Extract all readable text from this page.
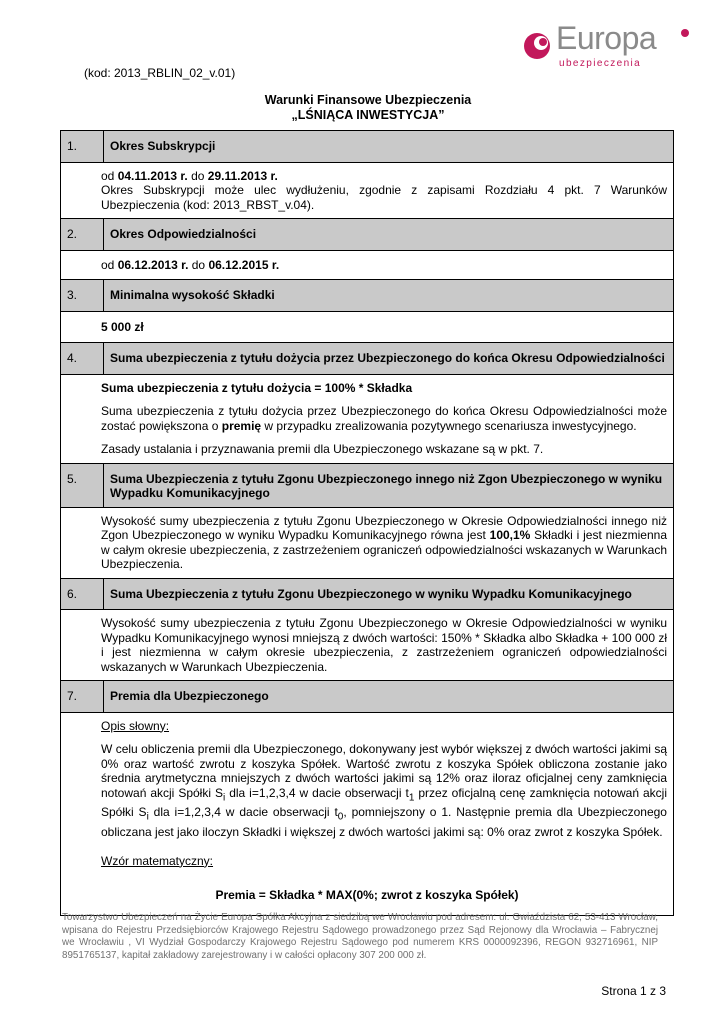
Europa
ubezpieczenia
(kod: 2013_RBLIN_02_v.01)
Warunki Finansowe Ubezpieczenia
„LŚNIĄCA INWESTYCJA”
1.	Okres Subskrypcji

od 04.11.2013 r. do 29.11.2013 r.

Okres Subskrypcji może ulec wydłużeniu, zgodnie z zapisami Rozdziału 4 pkt. 7 Warunków Ubezpieczenia (kod: 2013_RBST_v.04).	

2.	Okres Odpowiedzialności

od 06.12.2013 r. do 06.12.2015 r.	

3.	Minimalna wysokość Składki

5 000 zł	

4.	Suma ubezpieczenia z tytułu dożycia przez Ubezpieczonego do końca Okresu Odpowiedzialności

Suma ubezpieczenia z tytułu dożycia = 100% * Składka

Suma ubezpieczenia z tytułu dożycia przez Ubezpieczonego do końca Okresu Odpowiedzialności może zostać powiększona o premię w przypadku zrealizowania pozytywnego scenariusza inwestycyjnego.

Zasady ustalania i przyznawania premii dla Ubezpieczonego wskazane są w pkt. 7.	

5.	Suma Ubezpieczenia z tytułu Zgonu Ubezpieczonego innego niż Zgon Ubezpieczonego w wyniku Wypadku Komunikacyjnego

Wysokość sumy ubezpieczenia z tytułu Zgonu Ubezpieczonego w Okresie Odpowiedzialności innego niż Zgon Ubezpieczonego w wyniku Wypadku Komunikacyjnego równa jest 100,1% Składki i jest niezmienna w całym okresie ubezpieczenia, z zastrzeżeniem ograniczeń odpowiedzialności wskazanych w Warunkach Ubezpieczenia.	

6.	Suma Ubezpieczenia z tytułu Zgonu Ubezpieczonego w wyniku Wypadku Komunikacyjnego

Wysokość sumy ubezpieczenia z tytułu Zgonu Ubezpieczonego w Okresie Odpowiedzialności w wyniku Wypadku Komunikacyjnego wynosi mniejszą z dwóch wartości: 150% * Składka albo Składka + 100 000 zł i jest niezmienna w całym okresie ubezpieczenia, z zastrzeżeniem ograniczeń odpowiedzialności wskazanych w Warunkach Ubezpieczenia.	

7.	Premia dla Ubezpieczonego

Opis słowny:

W celu obliczenia premii dla Ubezpieczonego, dokonywany jest wybór większej z dwóch wartości jakimi są 0% oraz wartość zwrotu z koszyka Spółek. Wartość zwrotu z koszyka Spółek obliczona zostanie jako średnia arytmetyczna mniejszych z dwóch wartości jakimi są 12% oraz iloraz oficjalnej ceny zamknięcia notowań akcji Spółki $S_i$ dla i=1,2,3,4 w dacie obserwacji $t_1$ przez oficjalną cenę zamknięcia notowań akcji Spółki $S_i$ dla i=1,2,3,4 w dacie obserwacji $t_0$, pomniejszony o 1. Następnie premia dla Ubezpieczonego obliczana jest jako iloczyn Składki i większej z dwóch wartości jakimi są: 0% oraz zwrot z koszyka Spółek.

Wzór matematyczny:

Premia = Składka * MAX(0%; zwrot z koszyka Spółek)	

Towarzystwo Ubezpieczeń na Życie Europa Spółka Akcyjna z siedzibą we Wrocławiu pod adresem: ul. Gwiaździsta 62, 53-413 Wrocław, wpisana do Rejestru Przedsiębiorców Krajowego Rejestru Sądowego prowadzonego przez Sąd Rejonowy dla Wrocławia – Fabrycznej we Wrocławiu , VI Wydział Gospodarczy Krajowego Rejestru Sądowego pod numerem KRS 0000092396, REGON 932716961, NIP 8951765137, kapitał zakładowy zarejestrowany i w całości opłacony 307 200 000 zł.
Strona 1 z 3
